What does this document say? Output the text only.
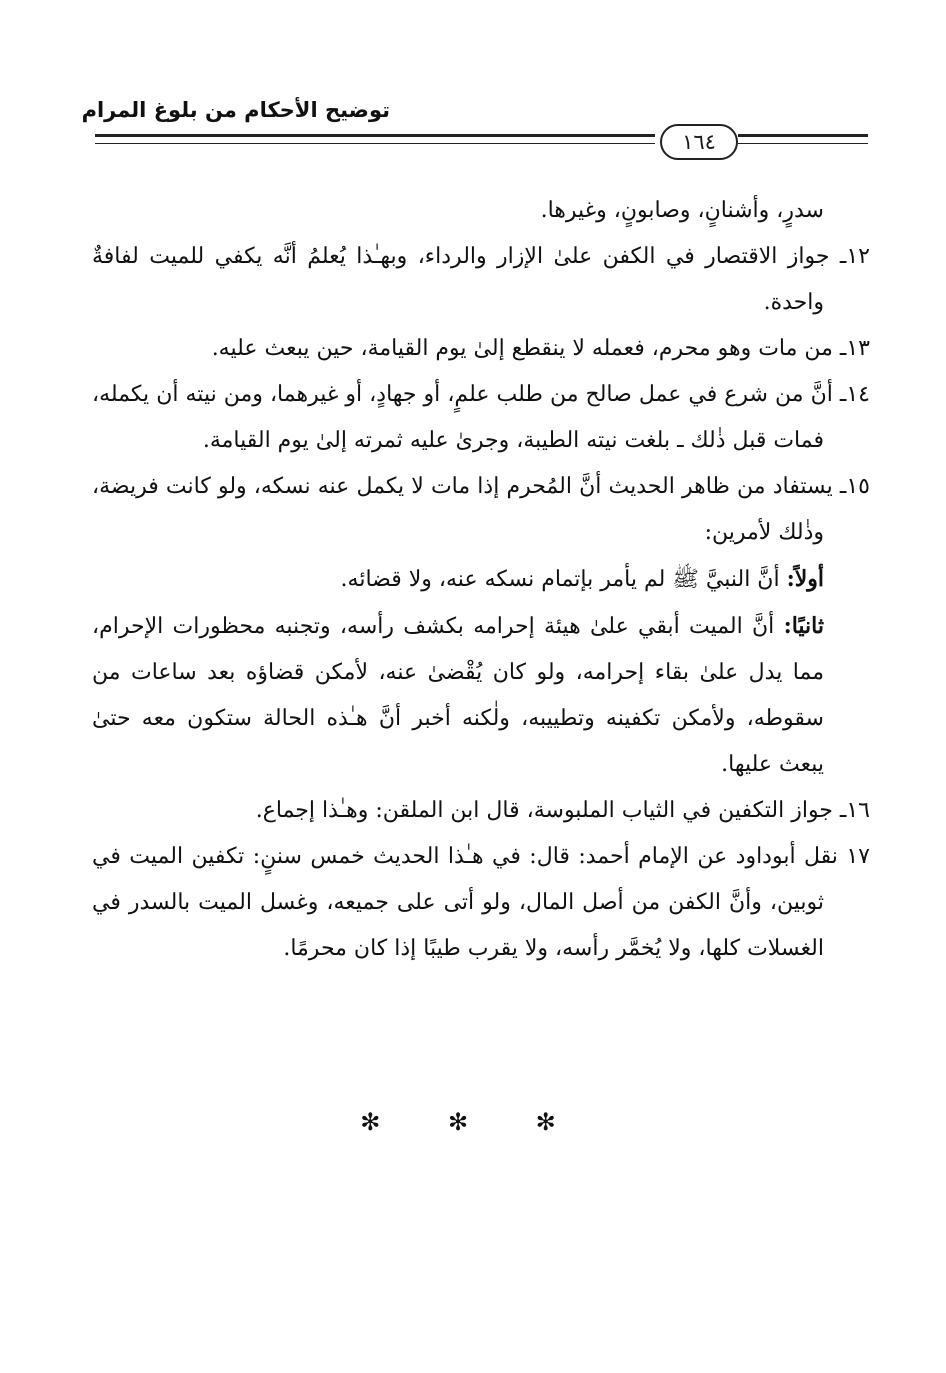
توضيح الأحكام من بلوغ المرام
١٦٤

سدرٍ، وأشنانٍ، وصابونٍ، وغيرها.

١٢ـ جواز الاقتصار في الكفن علىٰ الإزار والرداء، وبهـٰذا يُعلمُ أنَّه يكفي للميت لفافةٌ واحدة.

١٣ـ من مات وهو محرم، فعمله لا ينقطع إلىٰ يوم القيامة، حين يبعث عليه.

١٤ـ أنَّ من شرع في عمل صالح من طلب علمٍ، أو جهادٍ، أو غيرهما، ومن نيته أن يكمله، فمات قبل ذٰلك ـ بلغت نيته الطيبة، وجرىٰ عليه ثمرته إلىٰ يوم القيامة.

١٥ـ يستفاد من ظاهر الحديث أنَّ المُحرم إذا مات لا يكمل عنه نسكه، ولو كانت فريضة، وذٰلك لأمرين:

أولاً: أنَّ النبيَّ ﷺ لم يأمر بإتمام نسكه عنه، ولا قضائه.

ثانيًا: أنَّ الميت أبقي علىٰ هيئة إحرامه بكشف رأسه، وتجنبه محظورات الإحرام، مما يدل علىٰ بقاء إحرامه، ولو كان يُقْضىٰ عنه، لأمكن قضاؤه بعد ساعات من سقوطه، ولأمكن تكفينه وتطييبه، ولٰكنه أخبر أنَّ هـٰذه الحالة ستكون معه حتىٰ يبعث عليها.

١٦ـ جواز التكفين في الثياب الملبوسة، قال ابن الملقن: وهـٰذا إجماع.

١٧ نقل أبوداود عن الإمام أحمد: قال: في هـٰذا الحديث خمس سننٍ: تكفين الميت في ثوبين، وأنَّ الكفن من أصل المال، ولو أتى على جميعه، وغسل الميت بالسدر في الغسلات كلها، ولا يُخمَّر رأسه، ولا يقرب طيبًا إذا كان محرمًا.

✻ ✻ ✻
